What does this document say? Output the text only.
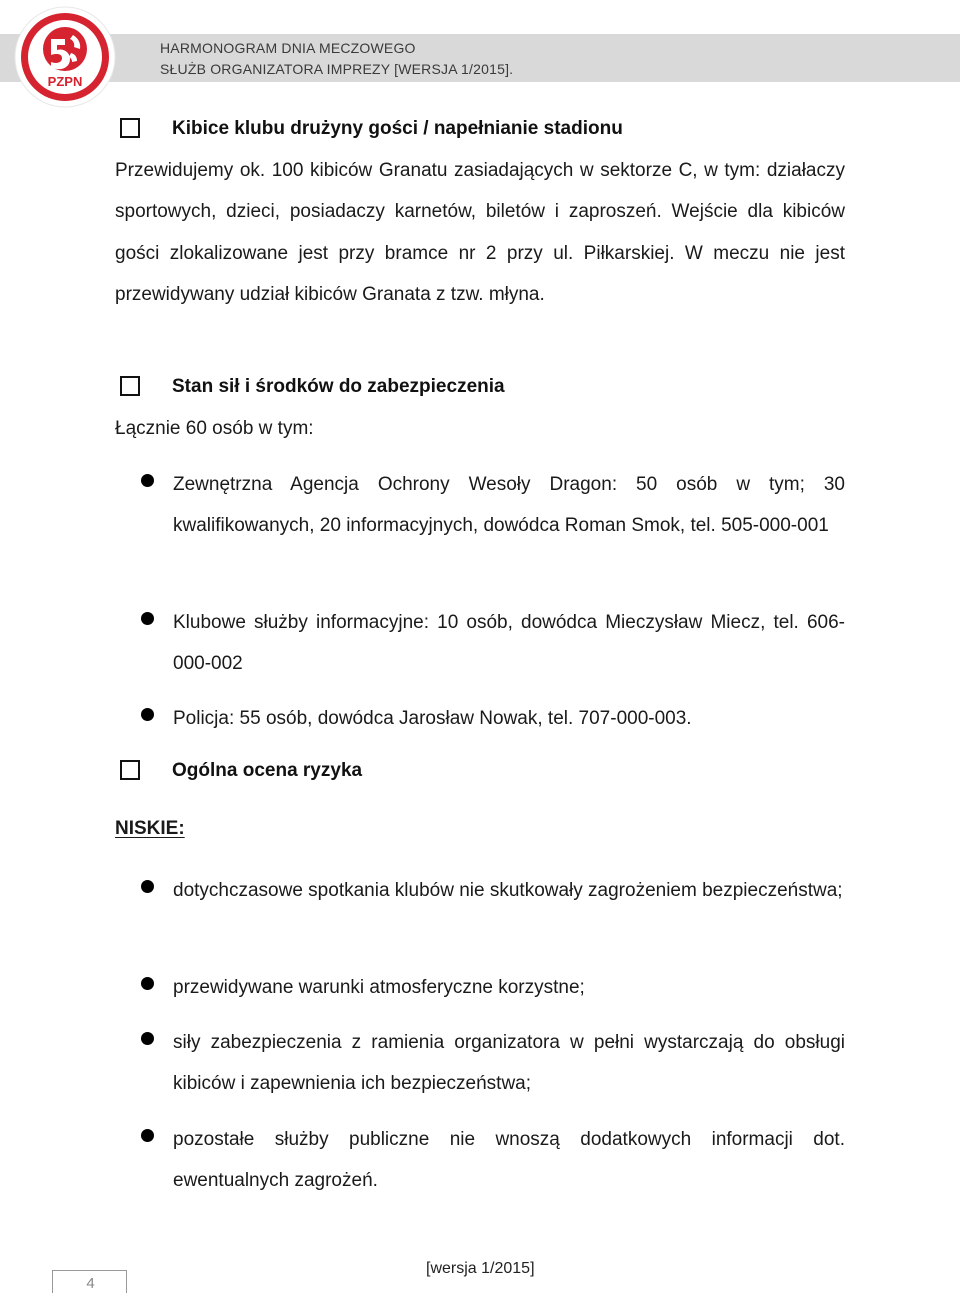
PZPN
HARMONOGRAM DNIA MECZOWEGO
SŁUŻB ORGANIZATORA IMPREZY [WERSJA 1/2015].
Kibice klubu drużyny gości / napełnianie stadionu

Przewidujemy ok. 100 kibiców Granatu zasiadających w sektorze C, w tym: działaczy sportowych, dzieci, posiadaczy karnetów, biletów i zaproszeń. Wejście dla kibiców gości zlokalizowane jest przy bramce nr 2 przy ul. Piłkarskiej. W meczu nie jest przewidywany udział kibiców Granata z tzw. młyna.

Stan sił i środków do zabezpieczenia
Łącznie 60 osób w tym:
Zewnętrzna Agencja Ochrony Wesoły Dragon: 50 osób w tym; 30 kwalifikowanych, 20 informacyjnych, dowódca Roman Smok, tel. 505-000-001
Klubowe służby informacyjne: 10 osób, dowódca Mieczysław Miecz, tel. 606-000-002
Policja: 55 osób, dowódca Jarosław Nowak, tel. 707-000-003.
Ogólna ocena ryzyka
NISKIE:
dotychczasowe spotkania klubów nie skutkowały zagrożeniem bezpieczeństwa;
przewidywane warunki atmosferyczne korzystne;
siły zabezpieczenia z ramienia organizatora w pełni wystarczają do obsługi kibiców i zapewnienia ich bezpieczeństwa;
pozostałe służby publiczne nie wnoszą dodatkowych informacji dot. ewentualnych zagrożeń.
[wersja 1/2015]
4
